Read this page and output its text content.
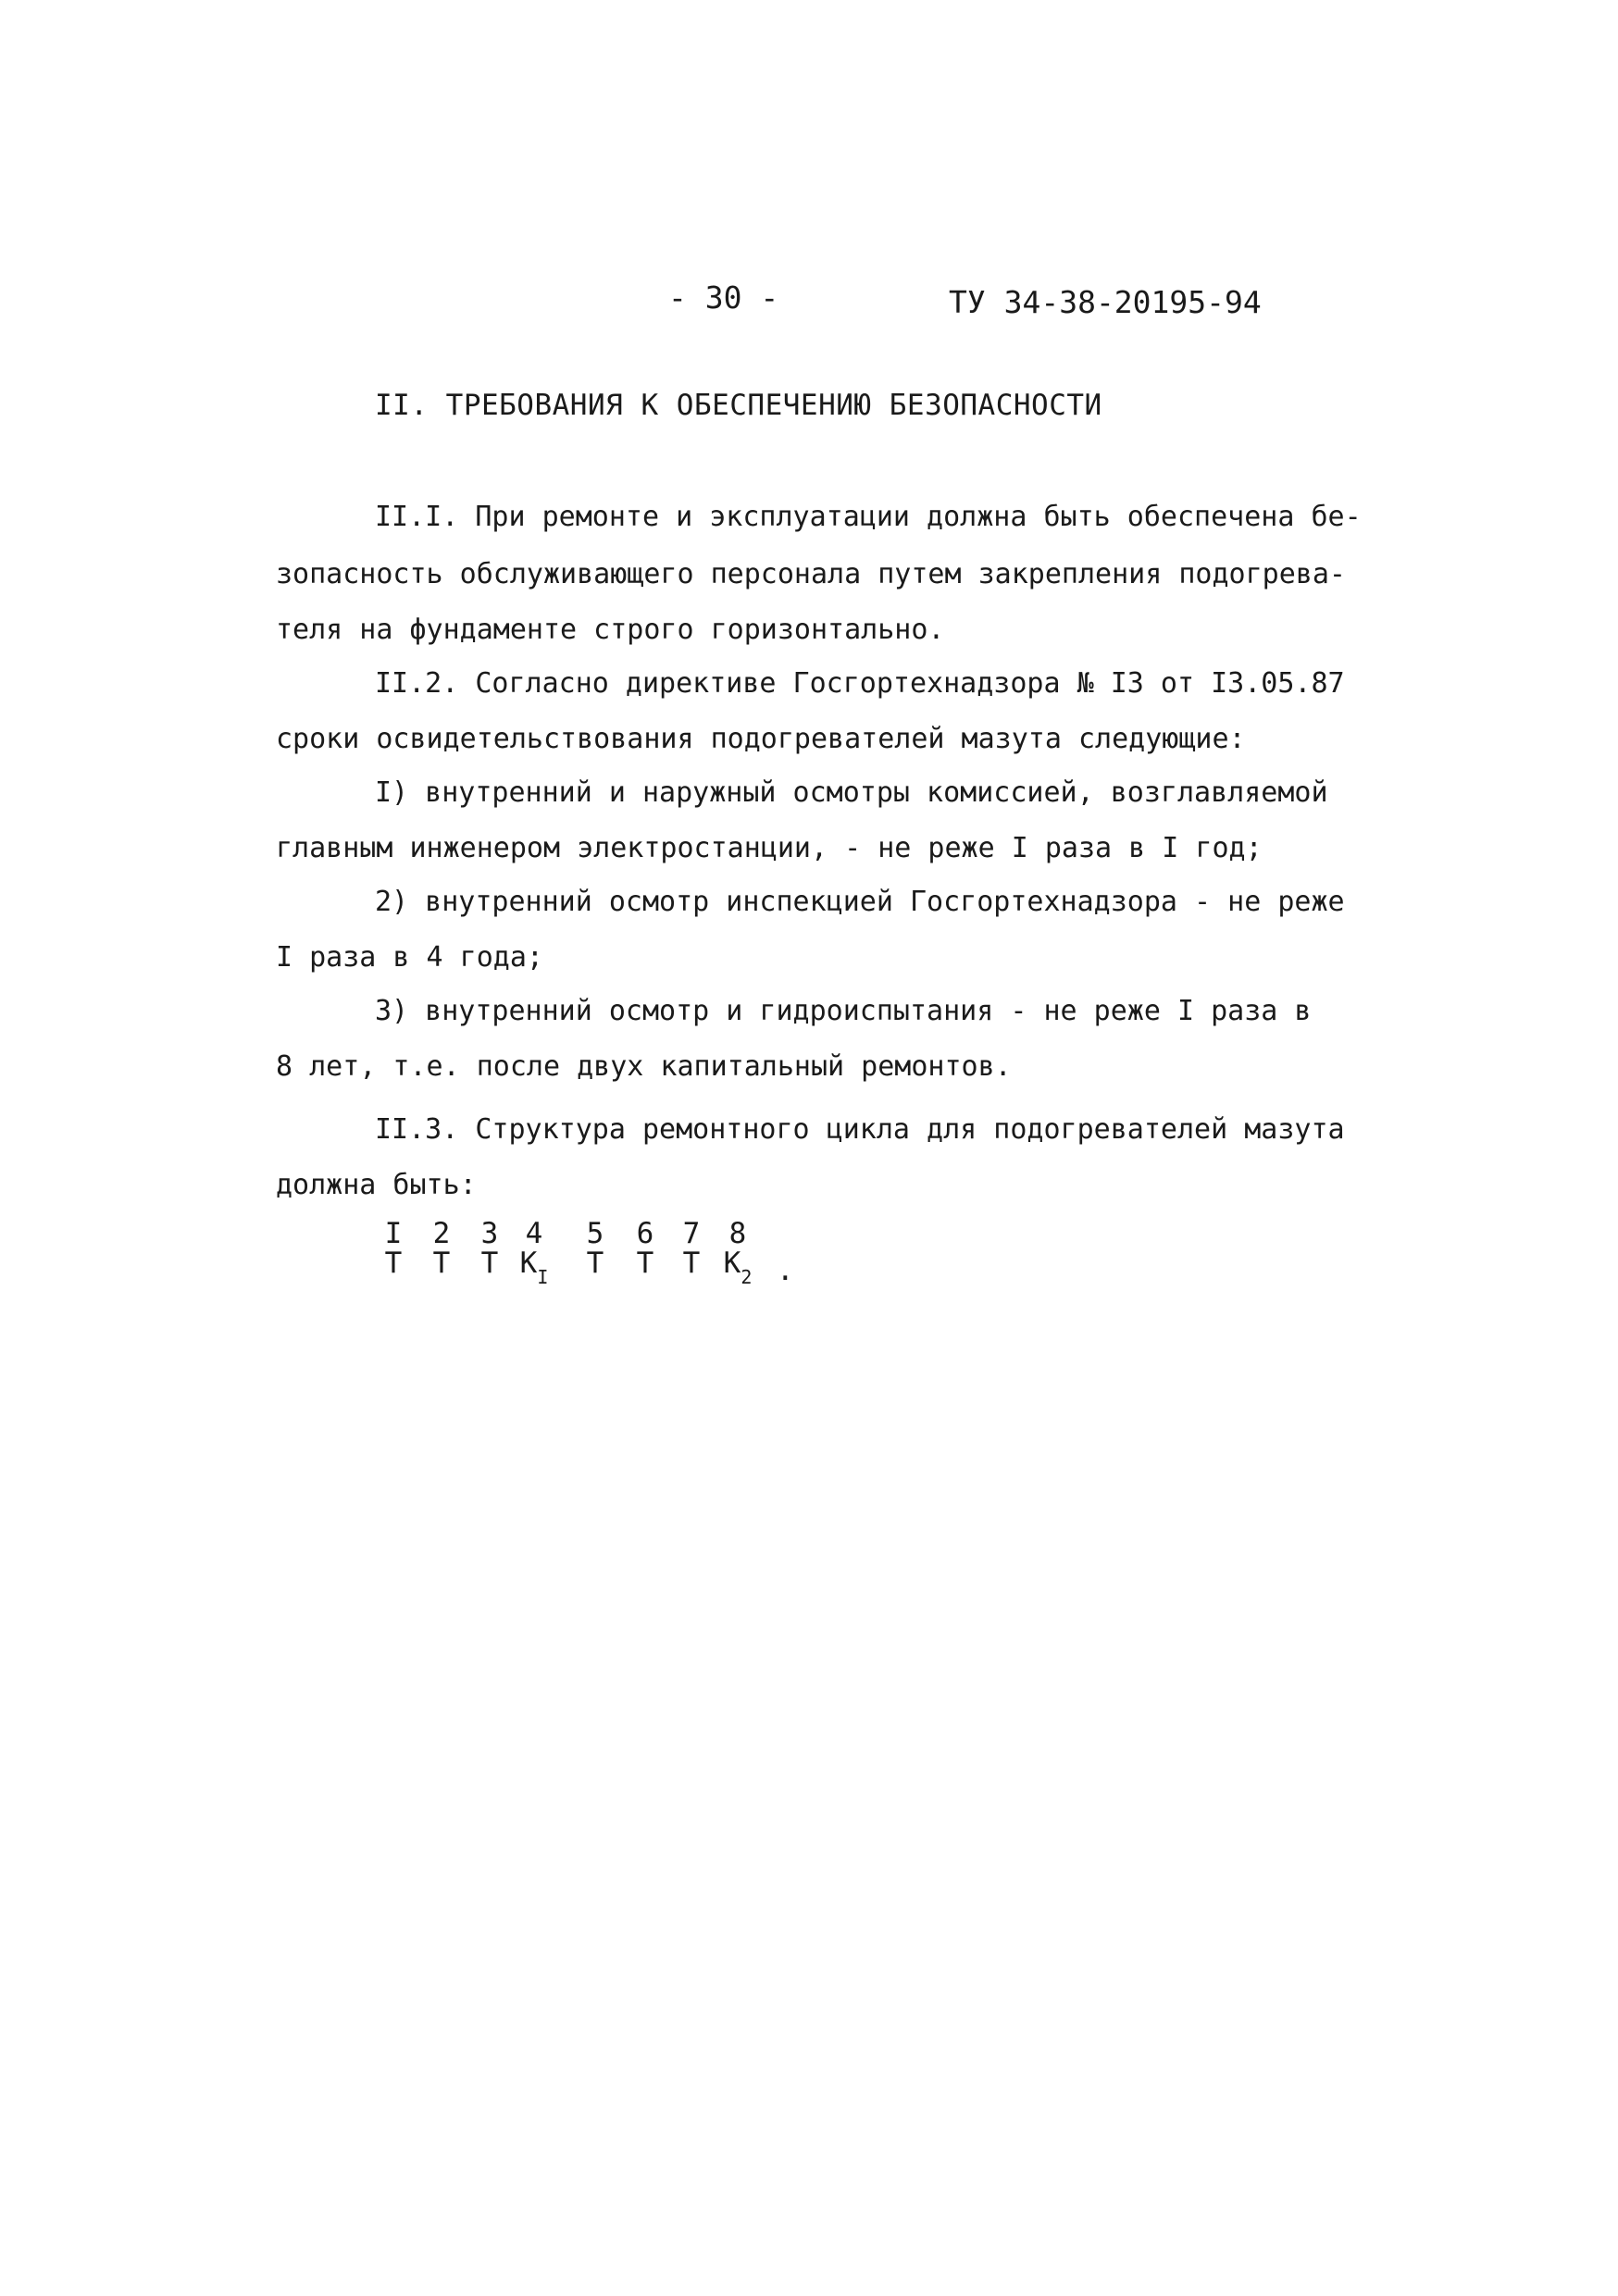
- 30 -	ТУ 34-38-20195-94
II. ТРЕБОВАНИЯ К ОБЕСПЕЧЕНИЮ БЕЗОПАСНОСТИ
II.I. При ремонте и эксплуатации должна быть обеспечена бе-
зопасность обслуживающего персонала путем закрепления подогрева-
теля на фундаменте строго горизонтально.
II.2. Согласно директиве Госгортехнадзора № I3 от I3.05.87
сроки освидетельствования подогревателей мазута следующие:
I) внутренний и наружный осмотры комиссией, возглавляемой
главным инженером электростанции, - не реже I раза в I год;
2) внутренний осмотр инспекцией Госгортехнадзора - не реже
I раза в 4 года;
3) внутренний осмотр и гидроиспытания - не реже I раза в
8 лет, т.е. после двух капитальный ремонтов.
II.3. Структура ремонтного цикла для подогревателей мазута
должна быть:
I
Т
2
Т
3
Т
4
$К_I$
5
Т
6
Т
7
Т
8
$К_2$ .
